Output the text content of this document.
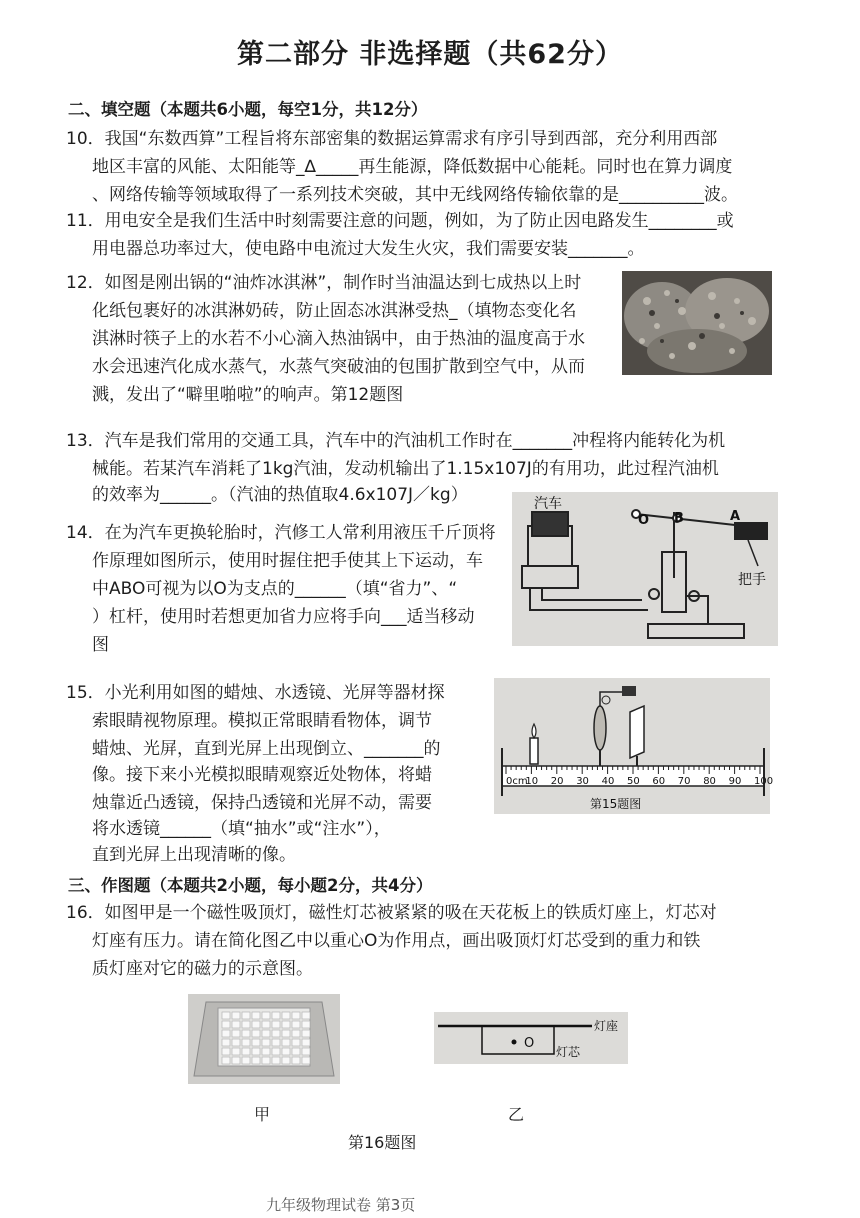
第二部分 非选择题（共62分）
二、填空题（本题共6小题，每空1分，共12分）
10．我国“东数西算”工程旨将东部密集的数据运算需求有序引导到西部，充分利用西部
地区丰富的风能、太阳能等_∆_____再生能源，降低数据中心能耗。同时也在算力调度
、网络传输等领域取得了一系列技术突破，其中无线网络传输依靠的是__________波。
11．用电安全是我们生活中时刻需要注意的问题，例如，为了防止因电路发生________或
用电器总功率过大，使电路中电流过大发生火灾，我们需要安装_______。
12．如图是刚出锅的“油炸冰淇淋”，制作时当油温达到七成热以上时
化纸包裹好的冰淇淋奶砖，防止固态冰淇淋受热_（填物态变化名
淇淋时筷子上的水若不小心滴入热油锅中，由于热油的温度高于水
水会迅速汽化成水蒸气，水蒸气突破油的包围扩散到空气中，从而
溅，发出了“噼里啪啦”的响声。第12题图
13．汽车是我们常用的交通工具，汽车中的汽油机工作时在_______冲程将内能转化为机
械能。若某汽车消耗了1kg汽油，发动机输出了1.15x107J的有用功，此过程汽油机
的效率为______。（汽油的热值取4.6x107J／kg）
14．在为汽车更换轮胎时，汽修工人常利用液压千斤顶将
作原理如图所示，使用时握住把手使其上下运动，车
中ABO可视为以O为支点的______（填“省力”、“
）杠杆，使用时若想更加省力应将手向___适当移动
图
汽车
O B	A
把手
15．小光利用如图的蜡烛、水透镜、光屏等器材探
索眼睛视物原理。模拟正常眼睛看物体，调节
蜡烛、光屏，直到光屏上出现倒立、_______的
像。接下来小光模拟眼睛观察近处物体，将蜡
烛靠近凸透镜，保持凸透镜和光屏不动，需要
将水透镜______（填“抽水”或“注水”），
直到光屏上出现清晰的像。
0cm
10 20 30 40 50 60 70 80 90 100
第15题图
三、作图题（本题共2小题，每小题2分，共4分）
16．如图甲是一个磁性吸顶灯，磁性灯芯被紧紧的吸在天花板上的铁质灯座上，灯芯对
灯座有压力。请在简化图乙中以重心O为作用点，画出吸顶灯灯芯受到的重力和铁
质灯座对它的磁力的示意图。
O
灯座
灯芯
甲	乙
第16题图
九年级物理试卷 第3页
